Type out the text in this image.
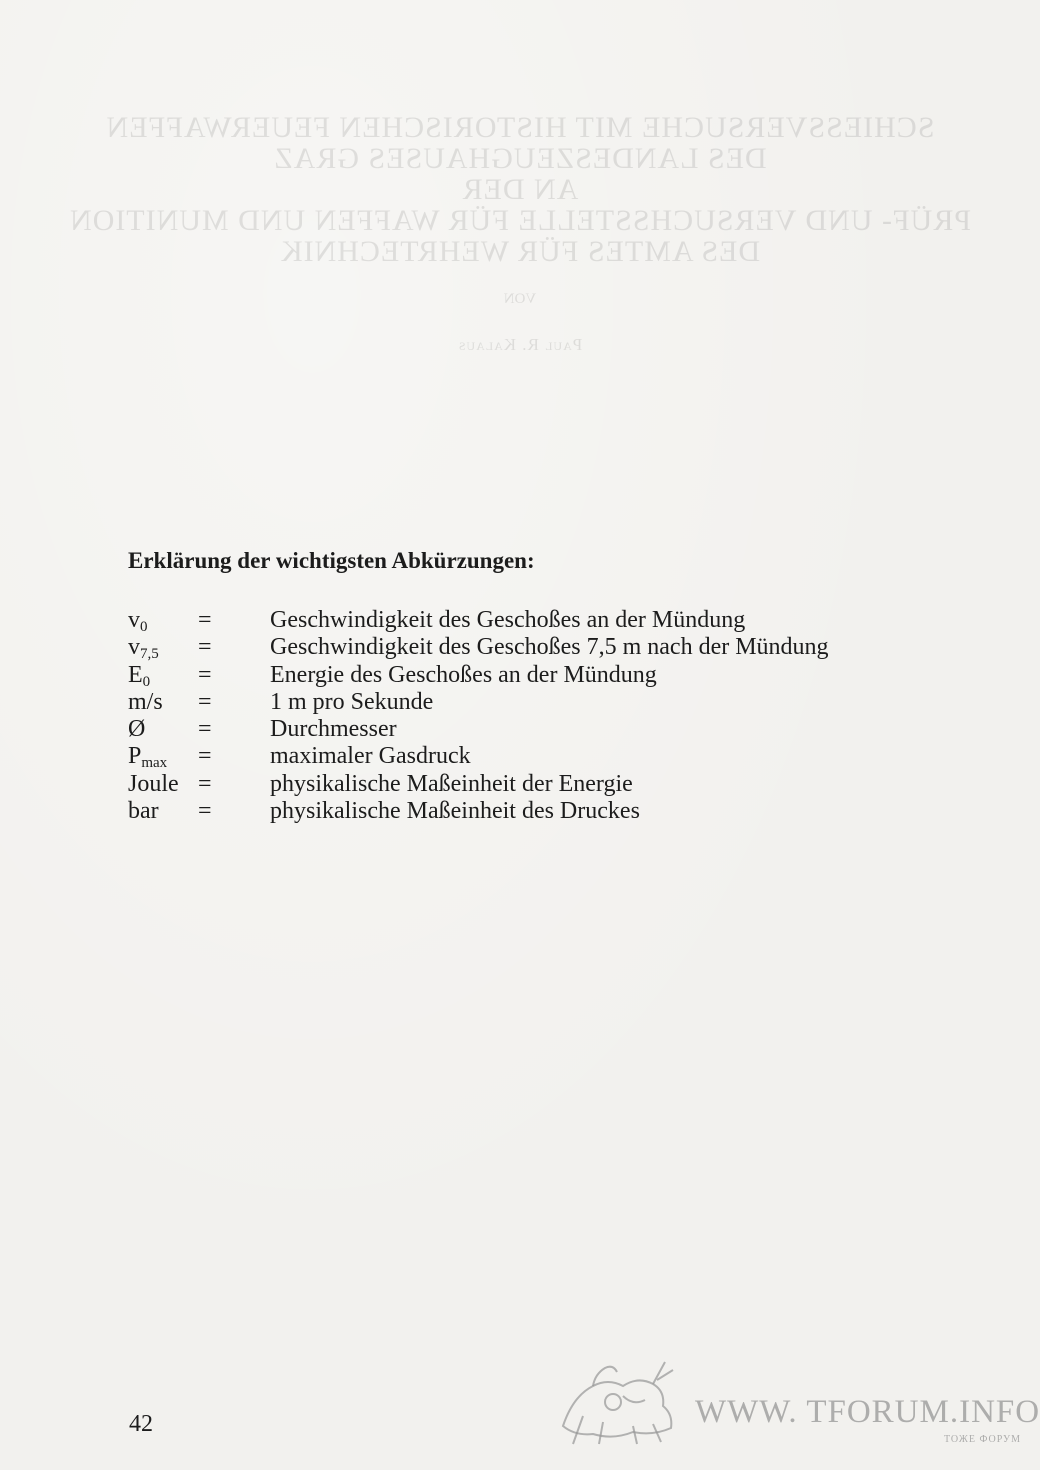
SCHIESSVERSUCHE MIT HISTORISCHEN FEUERWAFFEN
DES LANDESZEUGHAUSES GRAZ
AN DER
PRÜF- UND VERSUCHSSTELLE FÜR WAFFEN UND MUNITION
DES AMTES FÜR WEHRTECHNIK
VON
Paul R. Kalaus
Erklärung der wichtigsten Abkürzungen:
$v_0$	=	Geschwindigkeit des Geschoßes an der Mündung
$v_{7,5}$	=	Geschwindigkeit des Geschoßes 7,5 m nach der Mündung
$E_0$	=	Energie des Geschoßes an der Mündung
m/s	=	1 m pro Sekunde
Ø	=	Durchmesser
$P_{max}$	=	maximaler Gasdruck
Joule =	physikalische Maßeinheit der Energie
bar	=	physikalische Maßeinheit des Druckes
42	WWW. TFORUM.INFO
ТОЖЕ ФОРУМ
